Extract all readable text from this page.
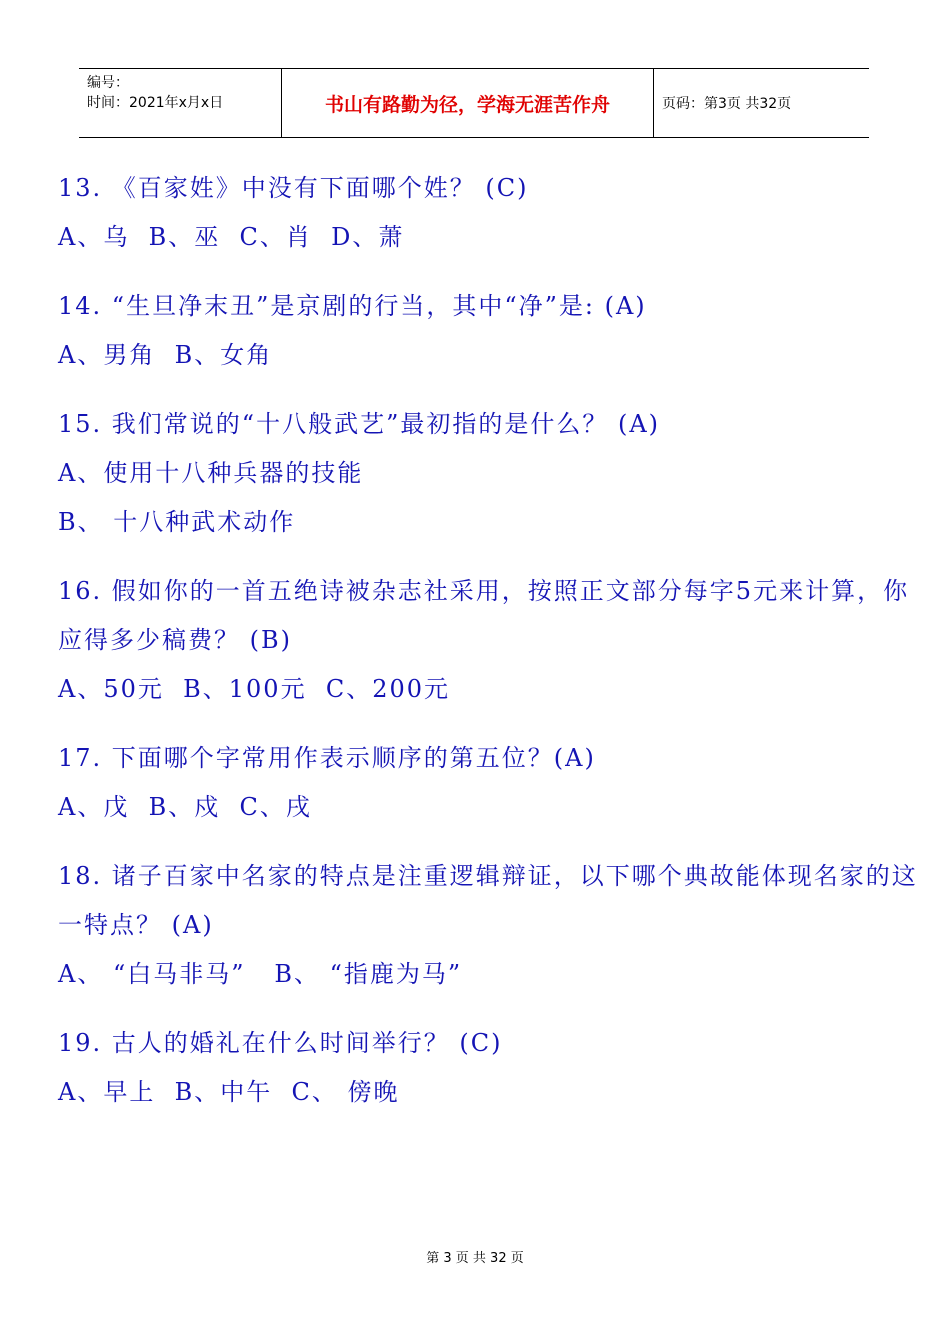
编号：
时间：2021年x月x日	书山有路勤为径，学海无涯苦作舟	页码：第3页 共32页
13. 《百家姓》中没有下面哪个姓？ (C)
A、乌  B、巫  C、肖  D、萧
14. “生旦净末丑”是京剧的行当，其中“净”是: (A)
A、男角  B、女角
15. 我们常说的“十八般武艺”最初指的是什么？ (A)
A、使用十八种兵器的技能
B、 十八种武术动作
16. 假如你的一首五绝诗被杂志社采用，按照正文部分每字5元来计算，你应得多少稿费？ (B)
A、50元  B、100元  C、200元
17. 下面哪个字常用作表示顺序的第五位？(A)
A、戊  B、戍  C、戌
18. 诸子百家中名家的特点是注重逻辑辩证，以下哪个典故能体现名家的这一特点？ (A)
A、 “白马非马”   B、 “指鹿为马”
19. 古人的婚礼在什么时间举行？ (C)
A、早上  B、中午  C、 傍晚
第 3 页 共 32 页
